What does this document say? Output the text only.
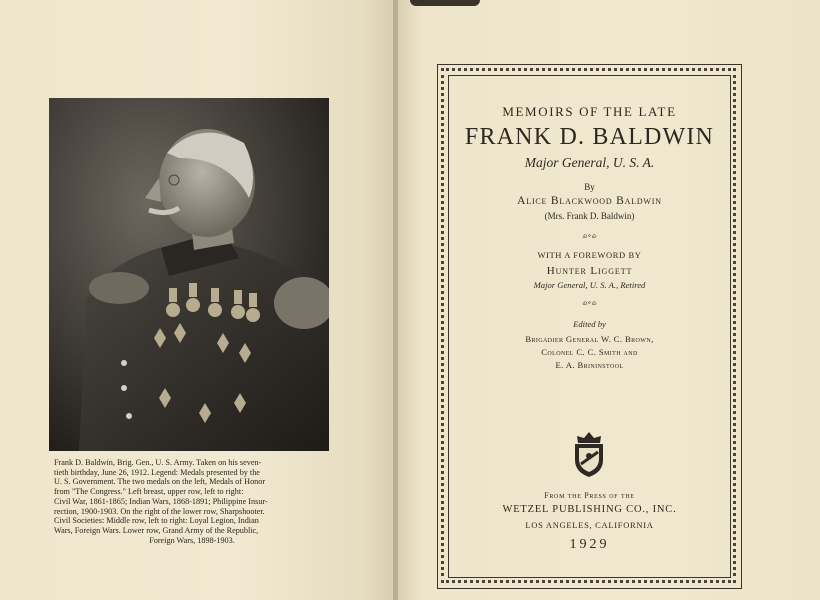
Frank D. Baldwin, Brig. Gen., U. S. Army. Taken on his seven-
tieth birthday, June 26, 1912. Legend: Medals presented by the
U. S. Government. The two medals on the left, Medals of Honor
from "The Congress." Left breast, upper row, left to right:
Civil War, 1861-1865; Indian Wars, 1868-1891; Philippine Insur-
rection, 1900-1903. On the right of the lower row, Sharpshooter.
Civil Societies: Middle row, left to right: Loyal Legion, Indian
Wars, Foreign Wars. Lower row, Grand Army of the Republic,
Foreign Wars, 1898-1903.
MEMOIRS OF THE LATE
FRANK D. BALDWIN
Major General, U. S. A.
By
Alice Blackwood Baldwin
(Mrs. Frank D. Baldwin)
௰∘௰
WITH A FOREWORD BY
Hunter Liggett
Major General, U. S. A., Retired
௰∘௰
Edited by
Brigadier General W. C. Brown,
Colonel C. C. Smith and
E. A. Brininstool
From the Press of the
WETZEL PUBLISHING CO., INC.
LOS ANGELES, CALIFORNIA
1929
